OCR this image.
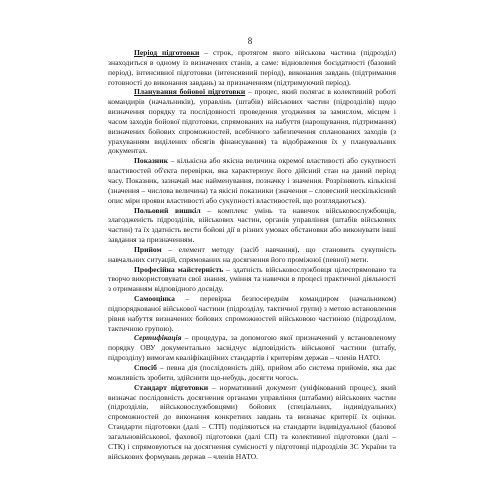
8

Період підготовки – строк, протягом якого військова частина (підрозділ) знаходиться в одному із визначених станів, а саме: відновлення боєздатності (базовий період), інтенсивної підготовки (інтенсивний період), виконання завдань (підтримання готовності до виконання завдань) за призначенням (підтримуючий період).

Планування бойової підготовки – процес, який полягає в колективній роботі командирів (начальників), управлінь (штабів) військових частин (підрозділів) щодо визначення порядку та послідовності проведення угодження за замислом, місцем і часом заходів бойової підготовки, спрямованих на набуття (нарощування, підтримання) визначених бойових спроможностей, всебічного забезпечення спланованих заходів (з урахуванням виділених обсягів фінансування) та відображення їх у планувальних документах.

Показник – кількісна або якісна величина окремої властивості або сукупності властивостей об'єкта перевірки, яка характеризує його дійсний стан на даний період часу. Показник, зазначай має найменування, позначку і значення. Розрізняють кількісні (значення – числова величина) та якісні показники (значення – словесний нескількісний опис міри прояви властивості або сукупності властивостей, що розглядаються).

Польовий вишкіл – комплекс умінь та навичок військовослужбовців, злагодженість підрозділів, військових частин, органів управління (штабів військових частин) та їх здатність вести бойові дії в різних умовах обстановки або виконувати інші завдання за призначенням.

Прийом – елемент методу (засіб навчання), що становить сукупність навчальних ситуацій, спрямованих на досягнення його проміжної (певної) мети.

Професійна майстерність – здатність військовослужбовця цілеспрямовано та творчо використовувати свої знання, уміння та навички в процесі практичної діяльності з отриманням відповідного досвіду.

Самооцінка – перевірка безпосереднім командиром (начальником) підпорядкованої військової частини (підрозділу, тактичної групи) з метою встановлення рівня набуття визначених бойових спроможностей військовою частиною (підрозділом, тактичною групою).

Сертифікація – процедура, за допомогою якої призначений у встановленому порядку ОВУ документально засвідчує відповідність військової частини (штабу, підрозділу) вимогам кваліфікаційних стандартів і критеріям держав – членів НАТО.

Спосіб – певна дія (послідовність дій), прийом або система прийомів, яка дає можливість зробити, здійснити що-небудь, досягти чогось.

Стандарт підготовки – нормативний документ (уніфікований процес), який визначає послідовність досягнення органами управління (штабами) військових частин (підрозділів, військовослужбовцями) бойових (спеціальних, індивідуальних) спроможностей до виконання конкретних завдань та визначає критерії їх оцінки. Стандарти підготовки (далі – СТП) поділяються на стандарти індивідуальної (базової загальновійськової, фахової) підготовки (далі СП) та колективної підготовки (далі – СТК) і спрямовуються на досягнення сумісності у підготовці підрозділів ЗС України та військових формувань держав – членів НАТО.
